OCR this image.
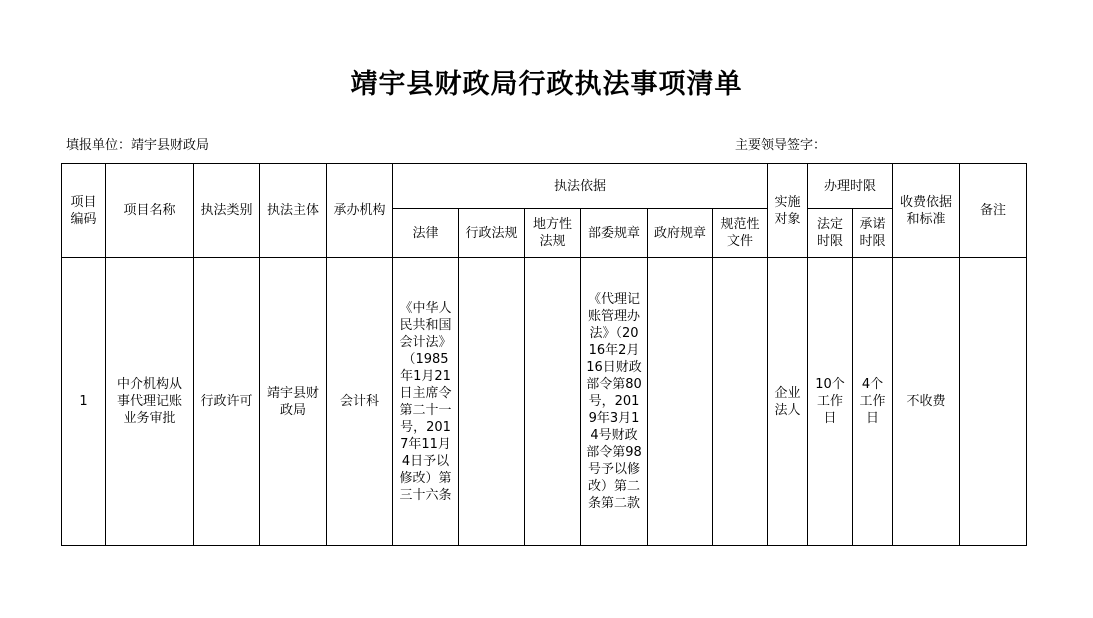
靖宇县财政局行政执法事项清单
填报单位：靖宇县财政局	主要领导签字：
项目编码	项目名称	执法类别	执法主体	承办机构	执法依据						实施对象	办理时限		收费依据和标准	备注
					法律	行政法规	地方性法规	部委规章	政府规章	规范性文件		法定时限	承诺时限		
1	中介机构从事代理记账业务审批	行政许可	靖宇县财政局	会计科	《中华人民共和国会计法》（1985年1月21日主席令第二十一号，2017年11月4日予以修改）第三十六条			《代理记账管理办法》（2016年2月16日财政部令第80号，2019年3月14号财政部令第98号予以修改）第二条第二款			企业法人	10个工作日	4个工作日	不收费	
